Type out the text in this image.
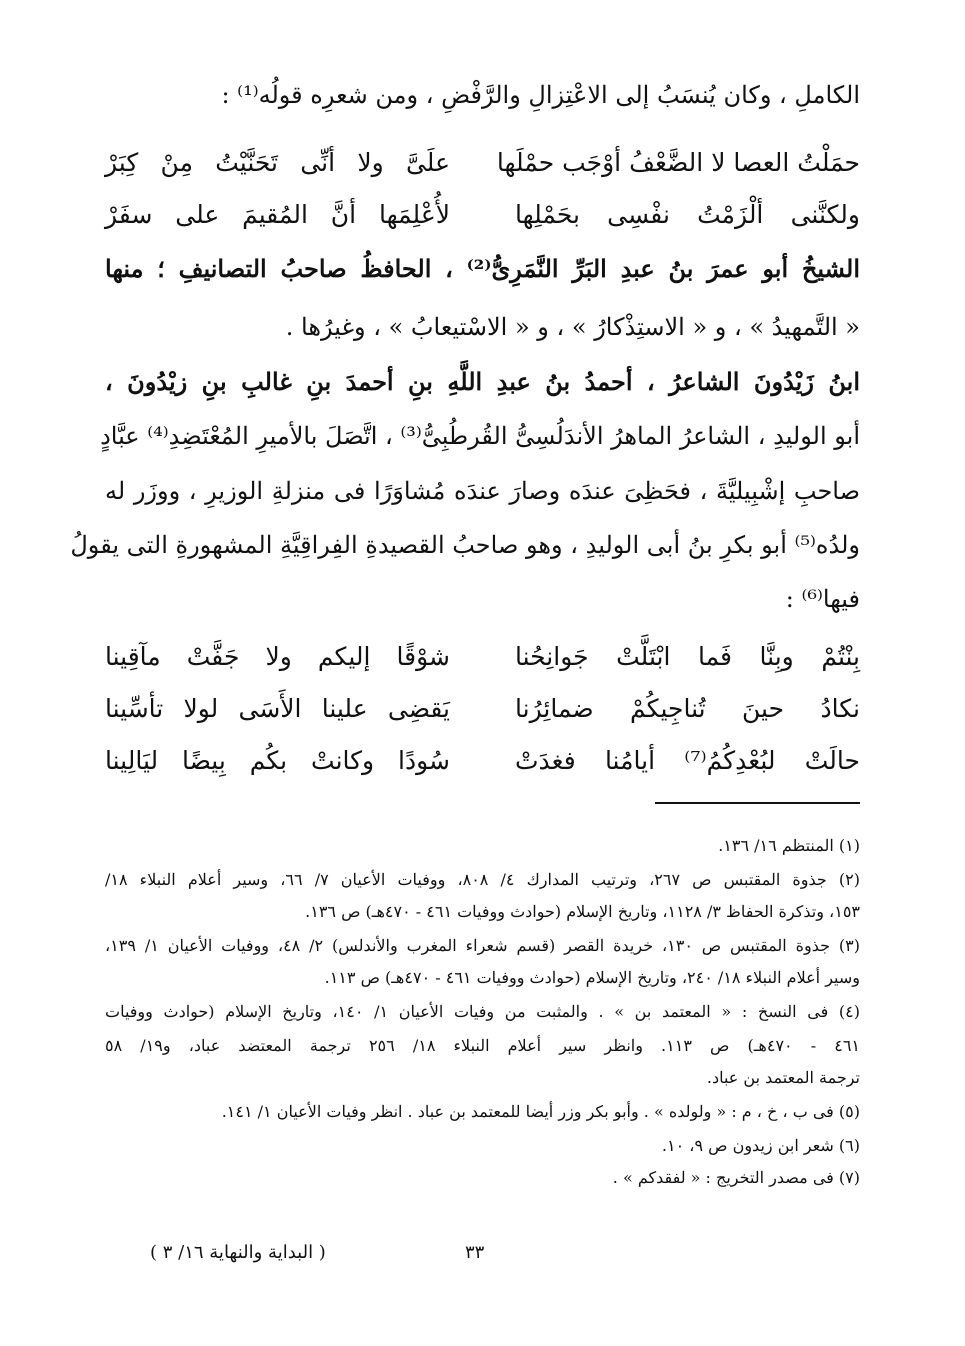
الكاملِ ، وكان يُنسَبُ إلى الاعْتِزالِ والرَّفْضِ ، ومن شعرِه قولُه⁽¹⁾ :
حمَلْتُ العصا لا الضَّعْفُ أوْجَب حمْلَها
علَىَّ ولا أنِّى تَحَنَّيْتُ مِنْ كِبَرْ
ولكنَّنى ألْزَمْتُ نفْسِى بحَمْلِها
لأُعْلِمَها أنَّ المُقيمَ على سفَرْ
الشيخُ أبو عمرَ بنُ عبدِ البَرِّ النَّمَرِىُّ⁽²⁾ ، الحافظُ صاحبُ التصانيفِ ؛ منها
« التَّمهيدُ » ، و « الاستِذْكارُ » ، و « الاسْتيعابُ » ، وغيرُها .
ابنُ زَيْدُونَ الشاعرُ ، أحمدُ بنُ عبدِ اللَّهِ بنِ أحمدَ بنِ غالبِ بنِ زيْدُونَ ،
أبو الوليدِ ، الشاعرُ الماهرُ الأندَلُسِىُّ القُرطُبِىُّ⁽³⁾ ، اتَّصَلَ بالأميرِ المُعْتَضِدِ⁽⁴⁾ عبَّادٍ
صاحبِ إشْبِيليَّةَ ، فحَظِىَ عندَه وصارَ عندَه مُشاوَرًا فى منزلةِ الوزيرِ ، ووزَر له
ولدُه⁽⁵⁾ أبو بكرِ بنُ أبى الوليدِ ، وهو صاحبُ القصيدةِ الفِراقِيَّةِ المشهورةِ التى يقولُ
فيها⁽⁶⁾ :
بِنْتُمْ وبِنَّا فَما ابْتَلَّتْ جَوانِحُنا
شوْقًا إليكم ولا جَفَّتْ مآقِينا
نكادُ حينَ تُناجِيكُمْ ضمائِرُنا
يَقضِى علينا الأَسَى لولا تأسِّينا
حالَتْ لبُعْدِكُمُ⁽⁷⁾ أيامُنا فغدَتْ
سُودًا وكانتْ بكُم بِيضًا ليَالِينا
(١) المنتظم ١٦/ ١٣٦.
(٢) جذوة المقتبس ص ٢٦٧، وترتيب المدارك ٤/ ٨٠٨، ووفيات الأعيان ٧/ ٦٦، وسير أعلام النبلاء ١٨/
١٥٣، وتذكرة الحفاظ ٣/ ١١٢٨، وتاريخ الإسلام (حوادث ووفيات ٤٦١ - ٤٧٠هـ) ص ١٣٦.
(٣) جذوة المقتبس ص ١٣٠، خريدة القصر (قسم شعراء المغرب والأندلس) ٢/ ٤٨، ووفيات الأعيان ١/ ١٣٩،
وسير أعلام النبلاء ١٨/ ٢٤٠، وتاريخ الإسلام (حوادث ووفيات ٤٦١ - ٤٧٠هـ) ص ١١٣.
(٤) فى النسخ : « المعتمد بن » . والمثبت من وفيات الأعيان ١/ ١٤٠، وتاريخ الإسلام (حوادث ووفيات
٤٦١ - ٤٧٠هـ) ص ١١٣. وانظر سير أعلام النبلاء ١٨/ ٢٥٦ ترجمة المعتضد عباد، و١٩/ ٥٨
ترجمة المعتمد بن عباد.
(٥) فى ب ، خ ، م : « ولولده » . وأبو بكر وزر أيضا للمعتمد بن عباد . انظر وفيات الأعيان ١/ ١٤١.
(٦) شعر ابن زيدون ص ٩، ١٠.
(٧) فى مصدر التخريج : « لفقدكم » .
٣٣
( البداية والنهاية ١٦/ ٣ )
